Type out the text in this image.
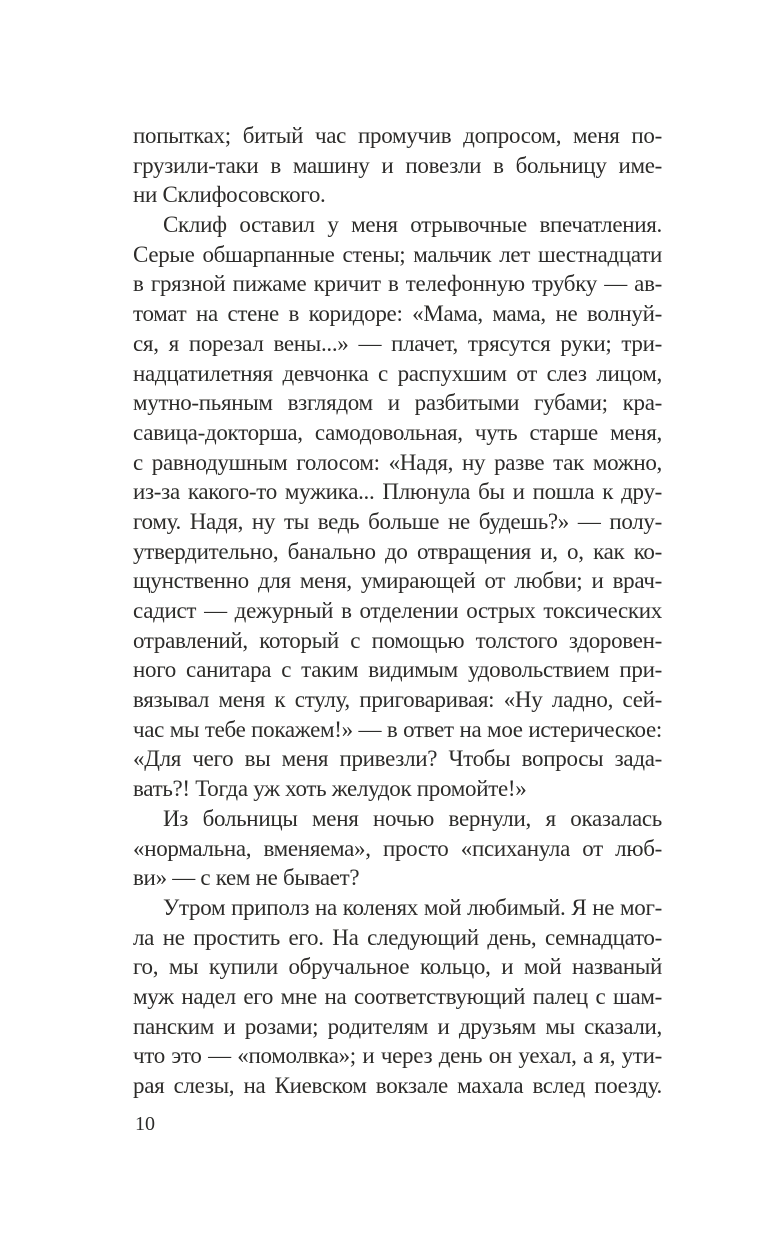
попытках; битый час промучив допросом, меня по-
грузили-таки в машину и повезли в больницу име-
ни Склифосовского.
Склиф оставил у меня отрывочные впечатления.
Серые обшарпанные стены; мальчик лет шестнадцати
в грязной пижаме кричит в телефонную трубку — ав-
томат на стене в коридоре: «Мама, мама, не волнуй-
ся, я порезал вены...» — плачет, трясутся руки; три-
надцатилетняя девчонка с распухшим от слез лицом,
мутно-пьяным взглядом и разбитыми губами; кра-
савица-докторша, самодовольная, чуть старше меня,
с равнодушным голосом: «Надя, ну разве так можно,
из-за какого-то мужика... Плюнула бы и пошла к дру-
гому. Надя, ну ты ведь больше не будешь?» — полу-
утвердительно, банально до отвращения и, о, как ко-
щунственно для меня, умирающей от любви; и врач-
садист — дежурный в отделении острых токсических
отравлений, который с помощью толстого здоровен-
ного санитара с таким видимым удовольствием при-
вязывал меня к стулу, приговаривая: «Ну ладно, сей-
час мы тебе покажем!» — в ответ на мое истерическое:
«Для чего вы меня привезли? Чтобы вопросы зада-
вать?! Тогда уж хоть желудок промойте!»
Из больницы меня ночью вернули, я оказалась
«нормальна, вменяема», просто «психанула от люб-
ви» — с кем не бывает?
Утром приполз на коленях мой любимый. Я не мог-
ла не простить его. На следующий день, семнадцато-
го, мы купили обручальное кольцо, и мой названый
муж надел его мне на соответствующий палец с шам-
панским и розами; родителям и друзьям мы сказали,
что это — «помолвка»; и через день он уехал, а я, ути-
рая слезы, на Киевском вокзале махала вслед поезду.
10
